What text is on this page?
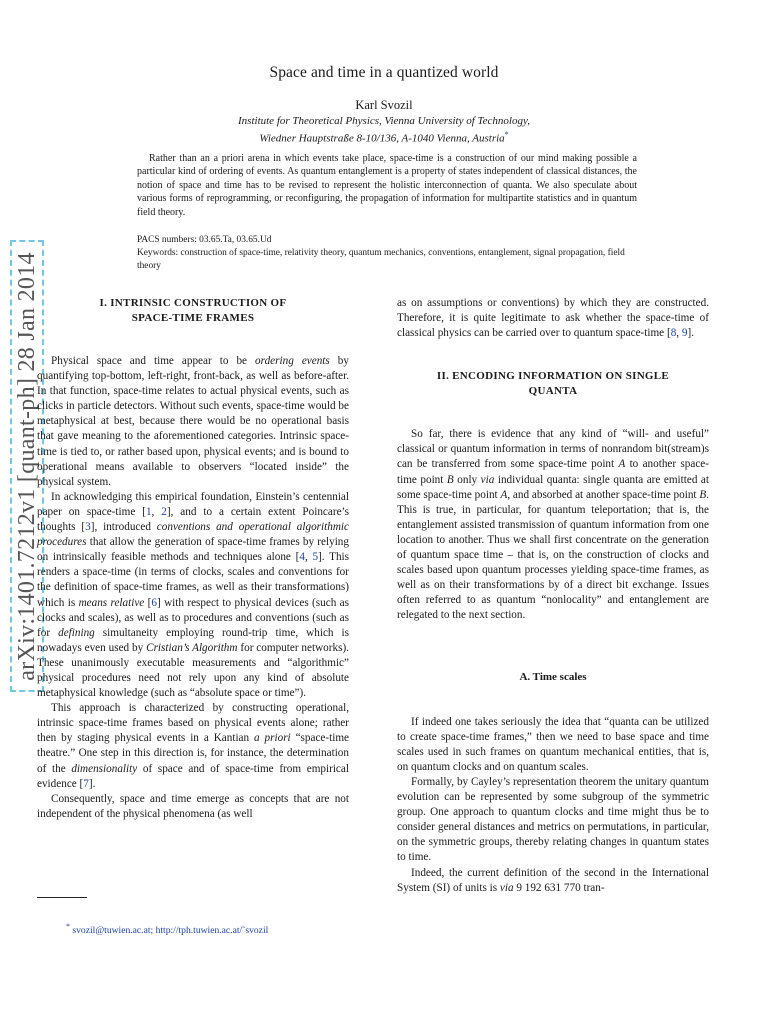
arXiv:1401.7212v1 [quant-ph] 28 Jan 2014
Space and time in a quantized world
Karl Svozil
Institute for Theoretical Physics, Vienna University of Technology,
Wiedner Hauptstraße 8-10/136, A-1040 Vienna, Austria*

Rather than an a priori arena in which events take place, space-time is a construction of our mind making possible a particular kind of ordering of events. As quantum entanglement is a property of states independent of classical distances, the notion of space and time has to be revised to represent the holistic interconnection of quanta. We also speculate about various forms of reprogramming, or reconfiguring, the propagation of information for multipartite statistics and in quantum field theory.

PACS numbers: 03.65.Ta, 03.65.Ud
Keywords: construction of space-time, relativity theory, quantum mechanics, conventions, entanglement, signal propagation, field theory
I. INTRINSIC CONSTRUCTION OF
SPACE-TIME FRAMES

Physical space and time appear to be ordering events by quantifying top-bottom, left-right, front-back, as well as before-after. In that function, space-time relates to actual physical events, such as clicks in particle detectors. Without such events, space-time would be metaphysical at best, because there would be no operational basis that gave meaning to the aforementioned categories. Intrinsic space-time is tied to, or rather based upon, physical events; and is bound to operational means available to observers “located inside” the physical system.

In acknowledging this empirical foundation, Einstein’s centennial paper on space-time [1, 2], and to a certain extent Poincare’s thoughts [3], introduced conventions and operational algorithmic procedures that allow the generation of space-time frames by relying on intrinsically feasible methods and techniques alone [4, 5]. This renders a space-time (in terms of clocks, scales and conventions for the definition of space-time frames, as well as their transformations) which is means relative [6] with respect to physical devices (such as clocks and scales), as well as to procedures and conventions (such as for defining simultaneity employing round-trip time, which is nowadays even used by Cristian’s Algorithm for computer networks). These unanimously executable measurements and “algorithmic” physical procedures need not rely upon any kind of absolute metaphysical knowledge (such as “absolute space or time”).

This approach is characterized by constructing operational, intrinsic space-time frames based on physical events alone; rather then by staging physical events in a Kantian a priori “space-time theatre.” One step in this direction is, for instance, the determination of the dimensionality of space and of space-time from empirical evidence [7].

Consequently, space and time emerge as concepts that are not independent of the physical phenomena (as well

as on assumptions or conventions) by which they are constructed. Therefore, it is quite legitimate to ask whether the space-time of classical physics can be carried over to quantum space-time [8, 9].

II. ENCODING INFORMATION ON SINGLE
QUANTA

So far, there is evidence that any kind of “will- and useful” classical or quantum information in terms of nonrandom bit(stream)s can be transferred from some space-time point A to another space-time point B only via individual quanta: single quanta are emitted at some space-time point A, and absorbed at another space-time point B. This is true, in particular, for quantum teleportation; that is, the entanglement assisted transmission of quantum information from one location to another. Thus we shall first concentrate on the generation of quantum space time – that is, on the construction of clocks and scales based upon quantum processes yielding space-time frames, as well as on their transformations by of a direct bit exchange. Issues often referred to as quantum “nonlocality” and entanglement are relegated to the next section.

A. Time scales

If indeed one takes seriously the idea that “quanta can be utilized to create space-time frames,” then we need to base space and time scales used in such frames on quantum mechanical entities, that is, on quantum clocks and on quantum scales.

Formally, by Cayley’s representation theorem the unitary quantum evolution can be represented by some subgroup of the symmetric group. One approach to quantum clocks and time might thus be to consider general distances and metrics on permutations, in particular, on the symmetric groups, thereby relating changes in quantum states to time.

Indeed, the current definition of the second in the International System (SI) of units is via 9 192 631 770 tran-

* svozil@tuwien.ac.at; http://tph.tuwien.ac.at/˜svozil
